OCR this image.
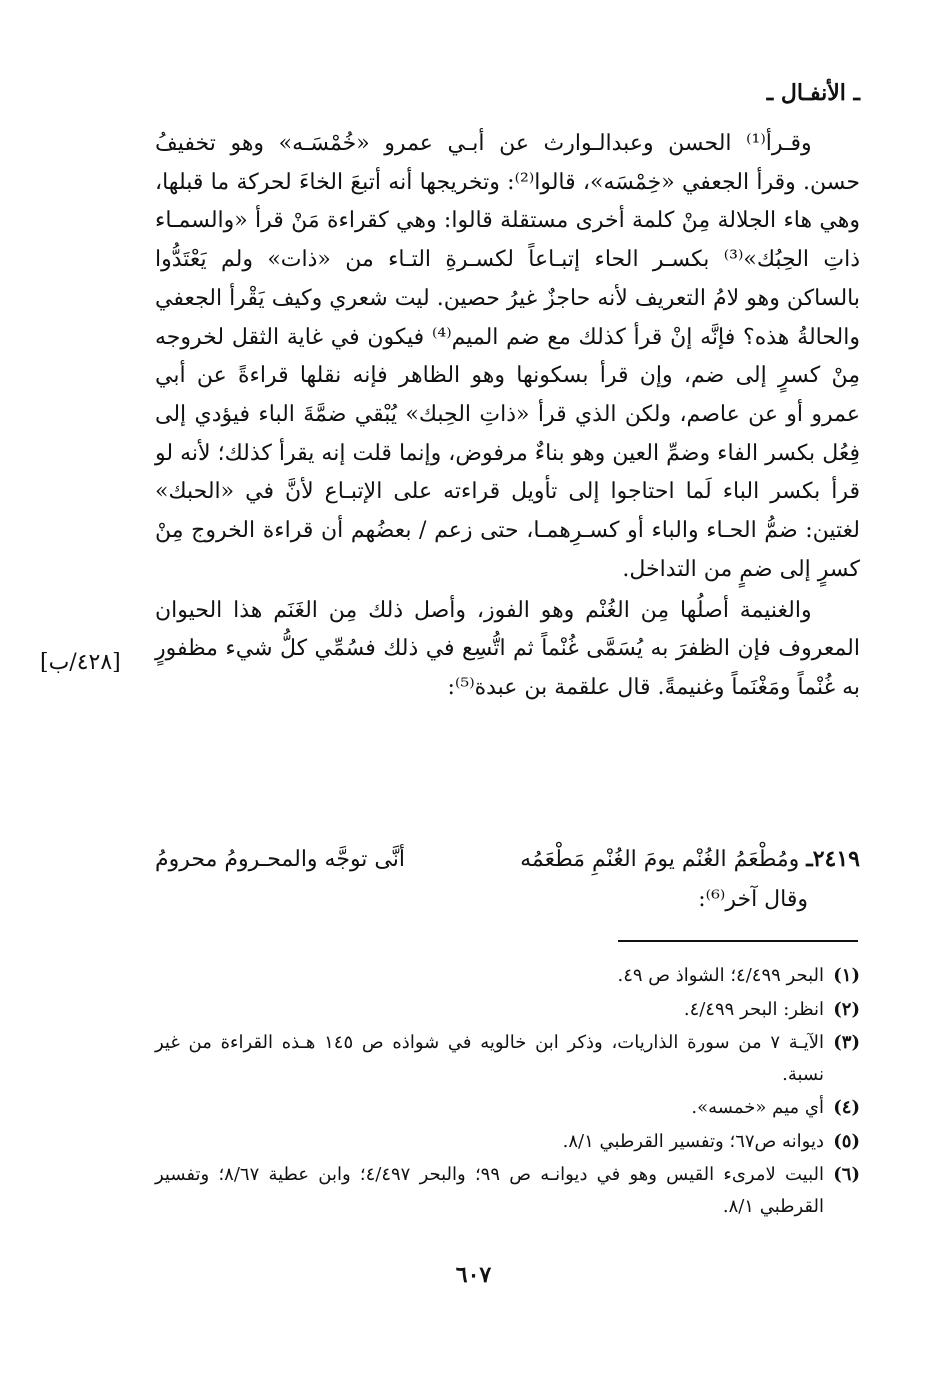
ـ الأنفـال ـ
[٤٢٨/ب]

وقـرأ⁽¹⁾ الحسن وعبدالـوارث عن أبـي عمرو «خُمْسَـه» وهو تخفيفُ حسن. وقرأ الجعفي «خِمْسَه»، قالوا⁽²⁾: وتخريجها أنه أتبعَ الخاءَ لحركة ما قبلها، وهي هاء الجلالة مِنْ كلمة أخرى مستقلة قالوا: وهي كقراءة مَنْ قرأ «والسمـاء ذاتِ الحِبُك»⁽³⁾ بكسـر الحاء إتبـاعاً لكسـرةِ التـاء من «ذات» ولم يَعْتَدُّوا بالساكن وهو لامُ التعريف لأنه حاجزٌ غيرُ حصين. ليت شعري وكيف يَقْرأ الجعفي والحالةُ هذه؟ فإنَّه إنْ قرأ كذلك مع ضم الميم⁽⁴⁾ فيكون في غاية الثقل لخروجه مِنْ كسرٍ إلى ضم، وإن قرأ بسكونها وهو الظاهر فإنه نقلها قراءةً عن أبي عمرو أو عن عاصم، ولكن الذي قرأ «ذاتِ الحِبك» يُبْقي ضمَّةَ الباء فيؤدي إلى فِعُل بكسر الفاء وضمِّ العين وهو بناءٌ مرفوض، وإنما قلت إنه يقرأ كذلك؛ لأنه لو قرأ بكسر الباء لَما احتاجوا إلى تأويل قراءته على الإتبـاع لأنَّ في «الحبك» لغتين: ضمُّ الحـاء والباء أو كسـرِهمـا، حتى زعم / بعضُهم أن قراءة الخروج مِنْ كسرٍ إلى ضمٍ من التداخل.

والغنيمة أصلُها مِن الغُنْم وهو الفوز، وأصل ذلك مِن الغَنَم هذا الحيوان المعروف فإن الظفرَ به يُسَمَّى غُنْماً ثم اتُّسِع في ذلك فسُمِّي كلُّ شيء مظفورٍ به غُنْماً ومَغْنَماً وغنيمةً. قال علقمة بن عبدة⁽⁵⁾:

٢٤١٩ـ ومُطْعَمُ الغُنْم يومَ الغُنْمِ مَطْعَمُه
أنَّى توجَّه والمحـرومُ محرومُ
وقال آخر⁽⁶⁾:
(١)
البحر ٤/٤٩٩؛ الشواذ ص ٤٩.
(٢)
انظر: البحر ٤/٤٩٩.
(٣)
الآيـة ٧ من سورة الذاريات، وذكر ابن خالويه في شواذه ص ١٤٥ هـذه القراءة من غير نسبة.
(٤)
أي ميم «خمسه».
(٥)
ديوانه ص٦٧؛ وتفسير القرطبي ٨/١.
(٦)
البيت لامرىء القيس وهو في ديوانـه ص ٩٩؛ والبحر ٤/٤٩٧؛ وابن عطية ٨/٦٧؛ وتفسير القرطبي ٨/١.
٦٠٧
